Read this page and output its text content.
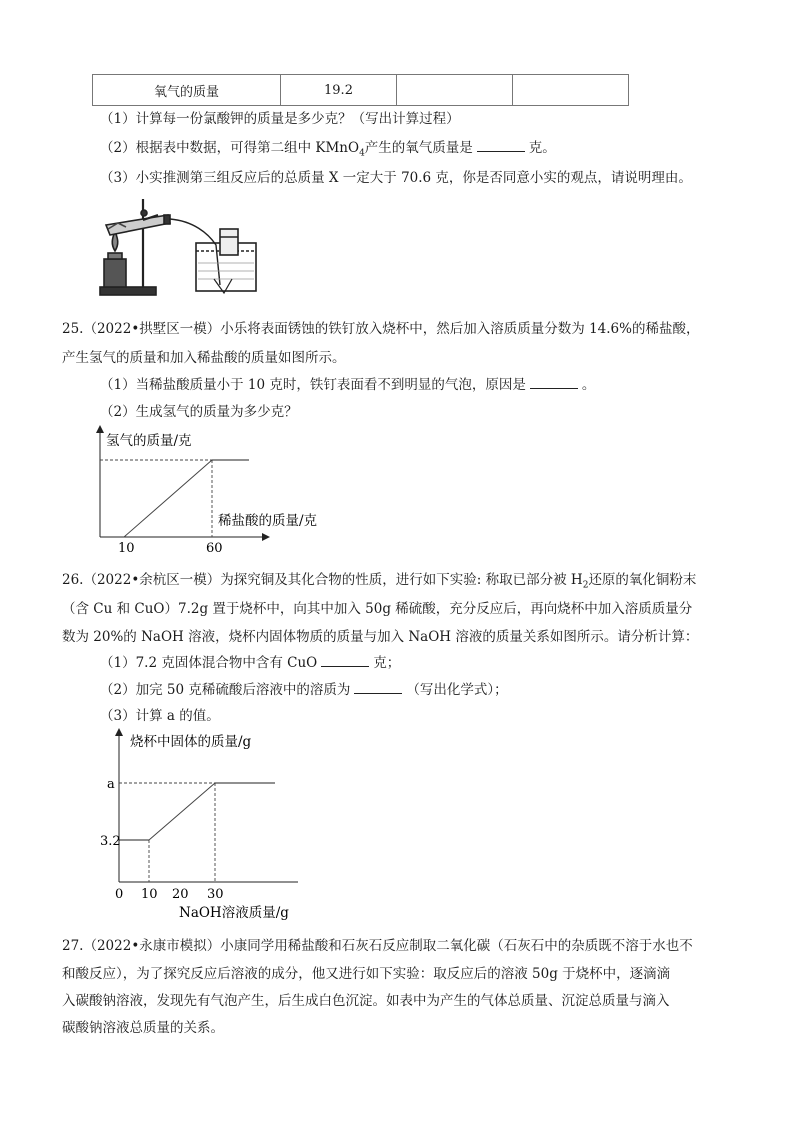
氧气的质量	19.2		
（1）计算每一份氯酸钾的质量是多少克？（写出计算过程）
（2）根据表中数据，可得第二组中 KMnO$_4$产生的氧气质量是	克。
（3）小实推测第三组反应后的总质量 X 一定大于 70.6 克，你是否同意小实的观点，请说明理由。
25.（2022•拱墅区一模）小乐将表面锈蚀的铁钉放入烧杯中，然后加入溶质质量分数为 14.6%的稀盐酸，
产生氢气的质量和加入稀盐酸的质量如图所示。
（1）当稀盐酸质量小于 10 克时，铁钉表面看不到明显的气泡，原因是	。
（2）生成氢气的质量为多少克？
氢气的质量/克
稀盐酸的质量/克
10	60
26.（2022•余杭区一模）为探究铜及其化合物的性质，进行如下实验: 称取已部分被 $H_2$还原的氧化铜粉末
（含 Cu 和 CuO）7.2g 置于烧杯中，向其中加入 50g 稀硫酸，充分反应后，再向烧杯中加入溶质质量分
数为 20%的 NaOH 溶液，烧杯内固体物质的质量与加入 NaOH 溶液的质量关系如图所示。请分析计算：
（1）7.2 克固体混合物中含有 CuO	克；
（2）加完 50 克稀硫酸后溶液中的溶质为	（写出化学式）；
（3）计算 a 的值。
烧杯中固体的质量/g
a
3.2
0 10 20 30
NaOH溶液质量/g
27.（2022•永康市模拟）小康同学用稀盐酸和石灰石反应制取二氧化碳（石灰石中的杂质既不溶于水也不
和酸反应），为了探究反应后溶液的成分，他又进行如下实验：取反应后的溶液 50g 于烧杯中，逐滴滴
入碳酸钠溶液，发现先有气泡产生，后生成白色沉淀。如表中为产生的气体总质量、沉淀总质量与滴入
碳酸钠溶液总质量的关系。
